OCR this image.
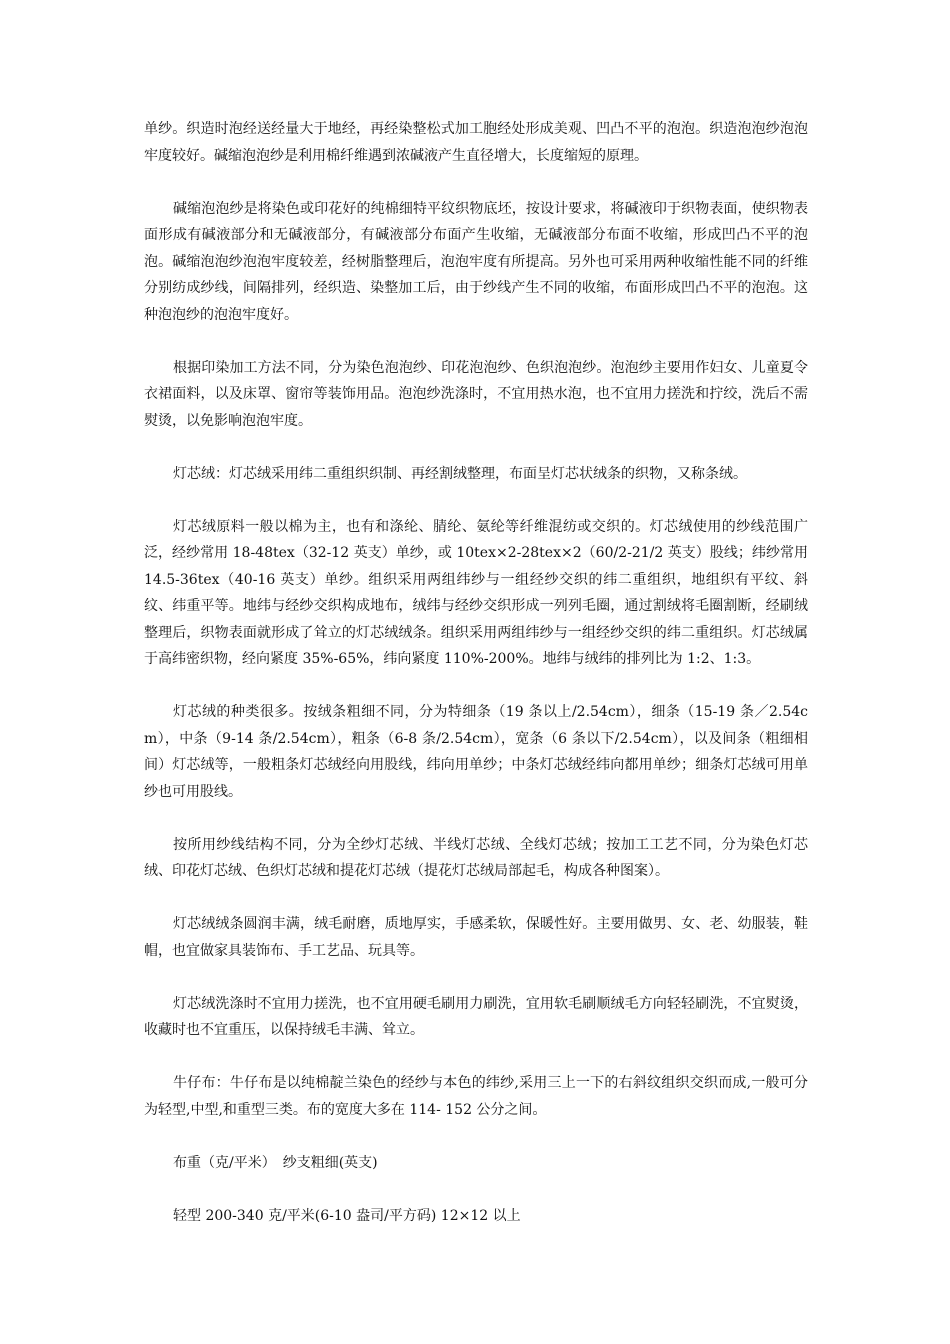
单纱。织造时泡经送经量大于地经，再经染整松式加工胞经处形成美观、凹凸不平的泡泡。织造泡泡纱泡泡牢度较好。碱缩泡泡纱是利用棉纤维遇到浓碱液产生直径增大，长度缩短的原理。

碱缩泡泡纱是将染色或印花好的纯棉细特平纹织物底坯，按设计要求，将碱液印于织物表面，使织物表面形成有碱液部分和无碱液部分，有碱液部分布面产生收缩，无碱液部分布面不收缩，形成凹凸不平的泡泡。碱缩泡泡纱泡泡牢度较差，经树脂整理后，泡泡牢度有所提高。另外也可采用两种收缩性能不同的纤维分别纺成纱线，间隔排列，经织造、染整加工后，由于纱线产生不同的收缩，布面形成凹凸不平的泡泡。这种泡泡纱的泡泡牢度好。

根据印染加工方法不同，分为染色泡泡纱、印花泡泡纱、色织泡泡纱。泡泡纱主要用作妇女、儿童夏令衣裙面料，以及床罩、窗帘等装饰用品。泡泡纱洗涤时，不宜用热水泡，也不宜用力搓洗和拧绞，洗后不需熨烫，以免影响泡泡牢度。

灯芯绒：灯芯绒采用纬二重组织织制、再经割绒整理，布面呈灯芯状绒条的织物，又称条绒。

灯芯绒原料一般以棉为主，也有和涤纶、腈纶、氨纶等纤维混纺或交织的。灯芯绒使用的纱线范围广泛，经纱常用 18-48tex（32-12 英支）单纱，或 10tex×2-28tex×2（60/2-21/2 英支）股线；纬纱常用 14.5-36tex（40-16 英支）单纱。组织采用两组纬纱与一组经纱交织的纬二重组织，地组织有平纹、斜纹、纬重平等。地纬与经纱交织构成地布，绒纬与经纱交织形成一列列毛圈，通过割绒将毛圈割断，经刷绒整理后，织物表面就形成了耸立的灯芯绒绒条。组织采用两组纬纱与一组经纱交织的纬二重组织。灯芯绒属于高纬密织物，经向紧度 35%-65%，纬向紧度 110%-200%。地纬与绒纬的排列比为 1:2、1:3。

灯芯绒的种类很多。按绒条粗细不同，分为特细条（19 条以上/2.54cm），细条（15-19 条／2.54cm），中条（9-14 条/2.54cm），粗条（6-8 条/2.54cm），宽条（6 条以下/2.54cm），以及间条（粗细相间）灯芯绒等，一般粗条灯芯绒经向用股线，纬向用单纱；中条灯芯绒经纬向都用单纱；细条灯芯绒可用单纱也可用股线。

按所用纱线结构不同，分为全纱灯芯绒、半线灯芯绒、全线灯芯绒；按加工工艺不同，分为染色灯芯绒、印花灯芯绒、色织灯芯绒和提花灯芯绒（提花灯芯绒局部起毛，构成各种图案）。

灯芯绒绒条圆润丰满，绒毛耐磨，质地厚实，手感柔软，保暖性好。主要用做男、女、老、幼服装，鞋帽，也宜做家具装饰布、手工艺品、玩具等。

灯芯绒洗涤时不宜用力搓洗，也不宜用硬毛刷用力刷洗，宜用软毛刷顺绒毛方向轻轻刷洗，不宜熨烫，收藏时也不宜重压，以保持绒毛丰满、耸立。

牛仔布：牛仔布是以纯棉靛兰染色的经纱与本色的纬纱,采用三上一下的右斜纹组织交织而成,一般可分为轻型,中型,和重型三类。布的宽度大多在 114- 152 公分之间。

布重（克/平米）　纱支粗细(英支)

轻型 200-340 克/平米(6-10 盎司/平方码) 12×12 以上
